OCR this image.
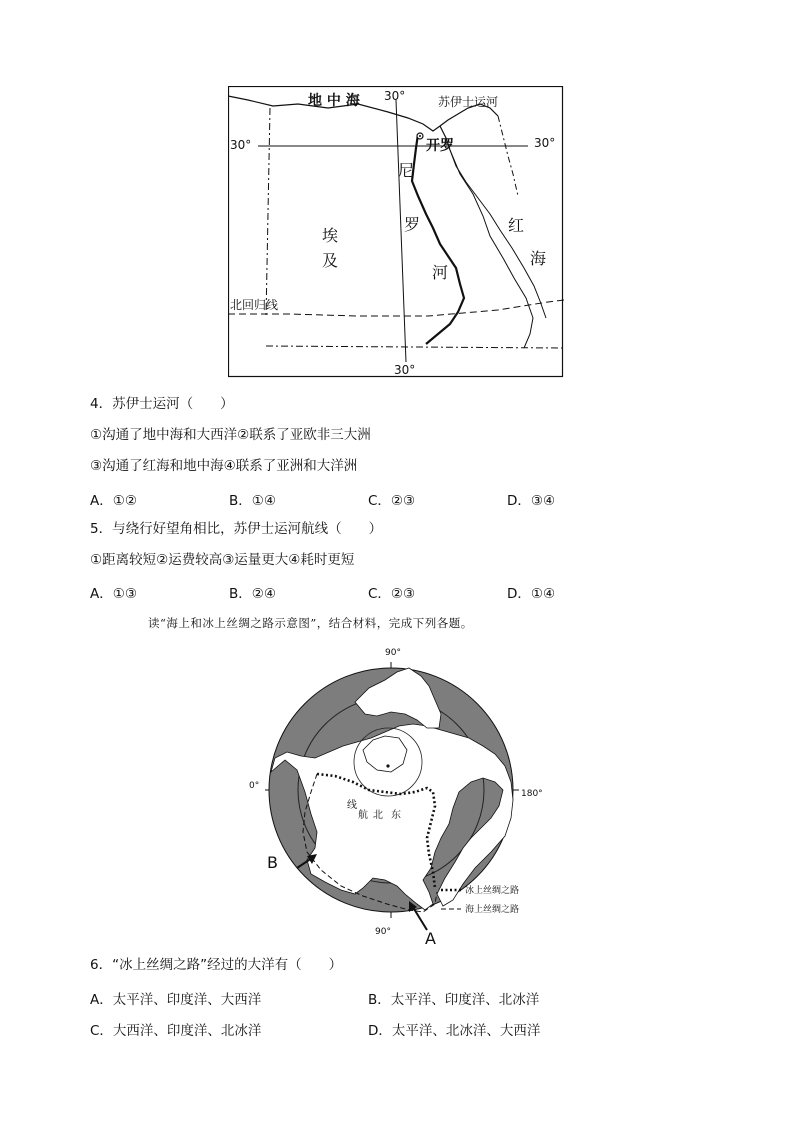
地 中 海 30°	苏伊士运河
30°	30°
开罗
埃
及
尼
罗
河
红
海
北回归线
30°
4．苏伊士运河（　　）
①沟通了地中海和大西洋②联系了亚欧非三大洲
③沟通了红海和地中海④联系了亚洲和大洋洲
A．①②	B．①④	C．②③	D．③④
5．与绕行好望角相比，苏伊士运河航线（　　）
①距离较短②运费较高③运量更大④耗时更短
A．①③	B．②④	C．②③	D．①④
读“海上和冰上丝绸之路示意图”，结合材料，完成下列各题。
90°
0°
180°
90°
线
航 北 东
B
A
冰上丝绸之路
海上丝绸之路
6．“冰上丝绸之路”经过的大洋有（　　）
A．太平洋、印度洋、大西洋	B．太平洋、印度洋、北冰洋
C．大西洋、印度洋、北冰洋	D．太平洋、北冰洋、大西洋
